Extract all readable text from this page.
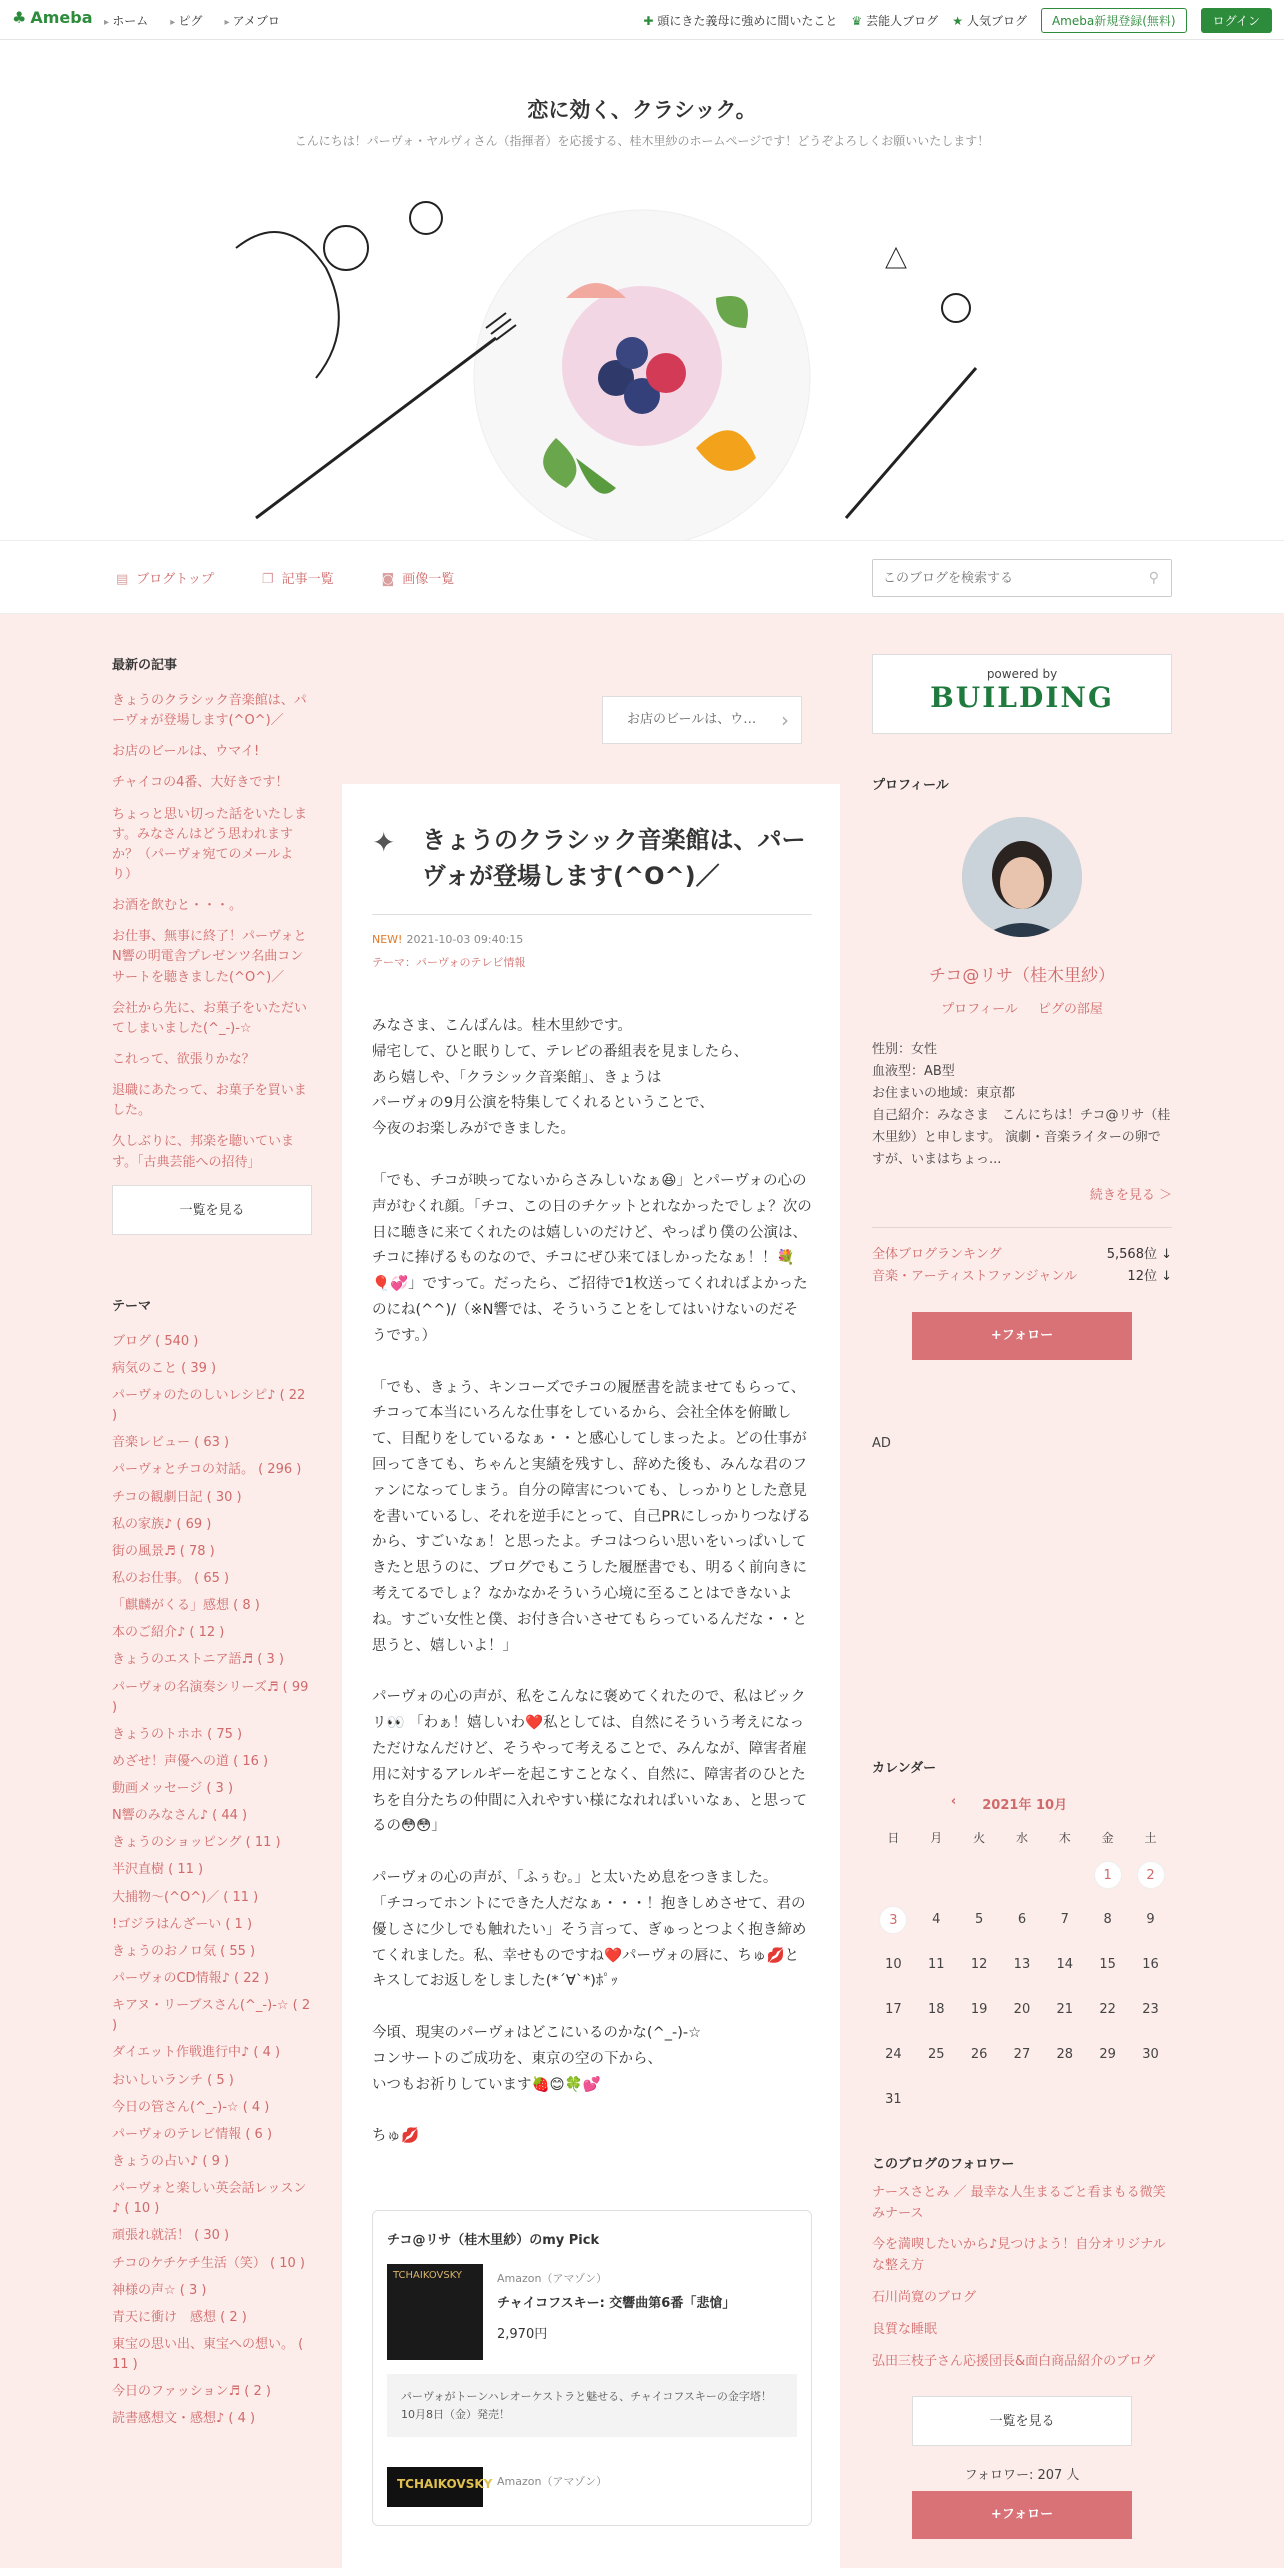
♣ Ameba	▸ ホーム	▸ ピグ	▸ アメブロ	✚ 頭にきた義母に強めに間いたこと ♛ 芸能人ブログ ★ 人気ブログ	Ameba新規登録(無料)	ログイン
恋に効く、クラシック。
こんにちは！パーヴォ・ヤルヴィさん（指揮者）を応援する、桂木里紗のホームページです！どうぞよろしくお願いいたします！
▤ ブログトップ	❐ 記事一覧	◙ 画像一覧
このブログを検索する	⚲
最新の記事
きょうのクラシック音楽館は、パーヴォが登場します(^O^)／
お店のビールは、ウマイ!
チャイコの4番、大好きです！
ちょっと思い切った話をいたします。みなさんはどう思われますか？（パーヴォ宛てのメールより）
お酒を飲むと・・・。
お仕事、無事に終了！パーヴォとN響の明電舎プレゼンツ名曲コンサートを聴きました(^O^)／
会社から先に、お菓子をいただいてしまいました(^_-)-☆
これって、欲張りかな？
退職にあたって、お菓子を買いました。
久しぶりに、邦楽を聴いています。「古典芸能への招待」
一覧を見る
テーマ
ブログ ( 540 )
病気のこと ( 39 )
パーヴォのたのしいレシピ♪ ( 22 )
音楽レビュー ( 63 )
パーヴォとチコの対話。 ( 296 )
チコの観劇日記 ( 30 )
私の家族♪ ( 69 )
街の風景♬ ( 78 )
私のお仕事。 ( 65 )
「麒麟がくる」感想 ( 8 )
本のご紹介♪ ( 12 )
きょうのエストニア語♬ ( 3 )
パーヴォの名演奏シリーズ♬ ( 99 )
きょうのトホホ ( 75 )
めざせ！声優への道 ( 16 )
動画メッセージ ( 3 )
N響のみなさん♪ ( 44 )
きょうのショッピング ( 11 )
半沢直樹 ( 11 )
大捕物～(^O^)／ ( 11 )
!ゴジラはんざーい ( 1 )
きょうのおノロ気 ( 55 )
パーヴォのCD情報♪ ( 22 )
キアヌ・リーブスさん(^_-)-☆ ( 2 )
ダイエット作戦進行中♪ ( 4 )
おいしいランチ ( 5 )
今日の管さん(^_-)-☆ ( 4 )
パーヴォのテレビ情報 ( 6 )
きょうの占い♪ ( 9 )
パーヴォと楽しい英会話レッスン♪ ( 10 )
頑張れ就活！ ( 30 )
チコのケチケチ生活（笑） ( 10 )
神様の声☆ ( 3 )
青天に衝け　感想 ( 2 )
東宝の思い出、東宝への想い。 ( 11 )
今日のファッション♬ ( 2 )
読書感想文・感想♪ ( 4 )
お店のビールは、ウ… ›
✦ きょうのクラシック音楽館は、パーヴォが登場します(^O^)／
NEW! 2021-10-03 09:40:15
テーマ：パーヴォのテレビ情報

みなさま、こんばんは。桂木里紗です。
帰宅して、ひと眠りして、テレビの番組表を見ましたら、
あら嬉しや、「クラシック音楽館」、きょうは
パーヴォの9月公演を特集してくれるということで、
今夜のお楽しみができました。

「でも、チコが映ってないからさみしいなぁ😆」とパーヴォの心の声がむくれ顔。「チコ、この日のチケットとれなかったでしょ？次の日に聴きに来てくれたのは嬉しいのだけど、やっぱり僕の公演は、チコに捧げるものなので、チコにぜひ来てほしかったなぁ！！💐🎈💞」ですって。だったら、ご招待で1枚送ってくれればよかったのにね(^^)/（※N響では、そういうことをしてはいけないのだそうです。）

「でも、きょう、キンコーズでチコの履歴書を読ませてもらって、チコって本当にいろんな仕事をしているから、会社全体を俯瞰して、目配りをしているなぁ・・と感心してしまったよ。どの仕事が回ってきても、ちゃんと実績を残すし、辞めた後も、みんな君のファンになってしまう。自分の障害についても、しっかりとした意見を書いているし、それを逆手にとって、自己PRにしっかりつなげるから、すごいなぁ！と思ったよ。チコはつらい思いをいっぱいしてきたと思うのに、ブログでもこうした履歴書でも、明るく前向きに考えてるでしょ？なかなかそういう心境に至ることはできないよね。すごい女性と僕、お付き合いさせてもらっているんだな・・と思うと、嬉しいよ！」

パーヴォの心の声が、私をこんなに褒めてくれたので、私はビックリ👀 「わぁ！嬉しいわ❤️私としては、自然にそういう考えになっただけなんだけど、そうやって考えることで、みんなが、障害者雇用に対するアレルギーを起こすことなく、自然に、障害者のひとたちを自分たちの仲間に入れやすい様になれればいいなぁ、と思ってるの😳😳」

パーヴォの心の声が、「ふぅむ。」と太いため息をつきました。
「チコってホントにできた人だなぁ・・・！抱きしめさせて、君の優しさに少しでも触れたい」そう言って、ぎゅっとつよく抱き締めてくれました。私、幸せものですね❤️パーヴォの唇に、ちゅ💋とキスしてお返しをしました(*´∀`*)ﾎﾟｯ

今頃、現実のパーヴォはどこにいるのかな(^_-)-☆
コンサートのご成功を、東京の空の下から、
いつもお祈りしています🍓😊🍀💕

ちゅ💋

チコ@リサ（桂木里紗）のmy Pick
TCHAIKOVSKY	Amazon（アマゾン）
チャイコフスキー: 交響曲第6番「悲愴」
2,970円
パーヴォがトーンハレオーケストラと魅せる、チャイコフスキーの金字塔！10月8日（金）発売！
TCHAIKOVSKY Amazon（アマゾン）
powered by
BUILDING
プロフィール
チコ@リサ（桂木里紗）
プロフィール ピグの部屋
性別：女性
血液型：AB型
お住まいの地域：東京都
自己紹介：みなさま　こんにちは！チコ@リサ（桂木里紗）と申します。 演劇・音楽ライターの卵ですが、いまはちょっ...
続きを見る ＞
全体ブログランキング	5,568位 ↓
音楽・アーティストファンジャンル	12位 ↓
+フォロー
AD
カレンダー
‹ 2021年 10月
日	月	火	水	木	金	土
					1	2
3	4	5	6	7	8	9
10	11	12	13	14	15	16
17	18	19	20	21	22	23
24	25	26	27	28	29	30
31						
このブログのフォロワー
ナースさとみ ／ 最幸な人生まるごと看まもる微笑みナース
今を満喫したいから♪見つけよう！自分オリジナルな整え方
石川尚寛のブログ
良質な睡眠
弘田三枝子さん応援団長&面白商品紹介のブログ
一覧を見る
フォロワー: 207 人
+フォロー
